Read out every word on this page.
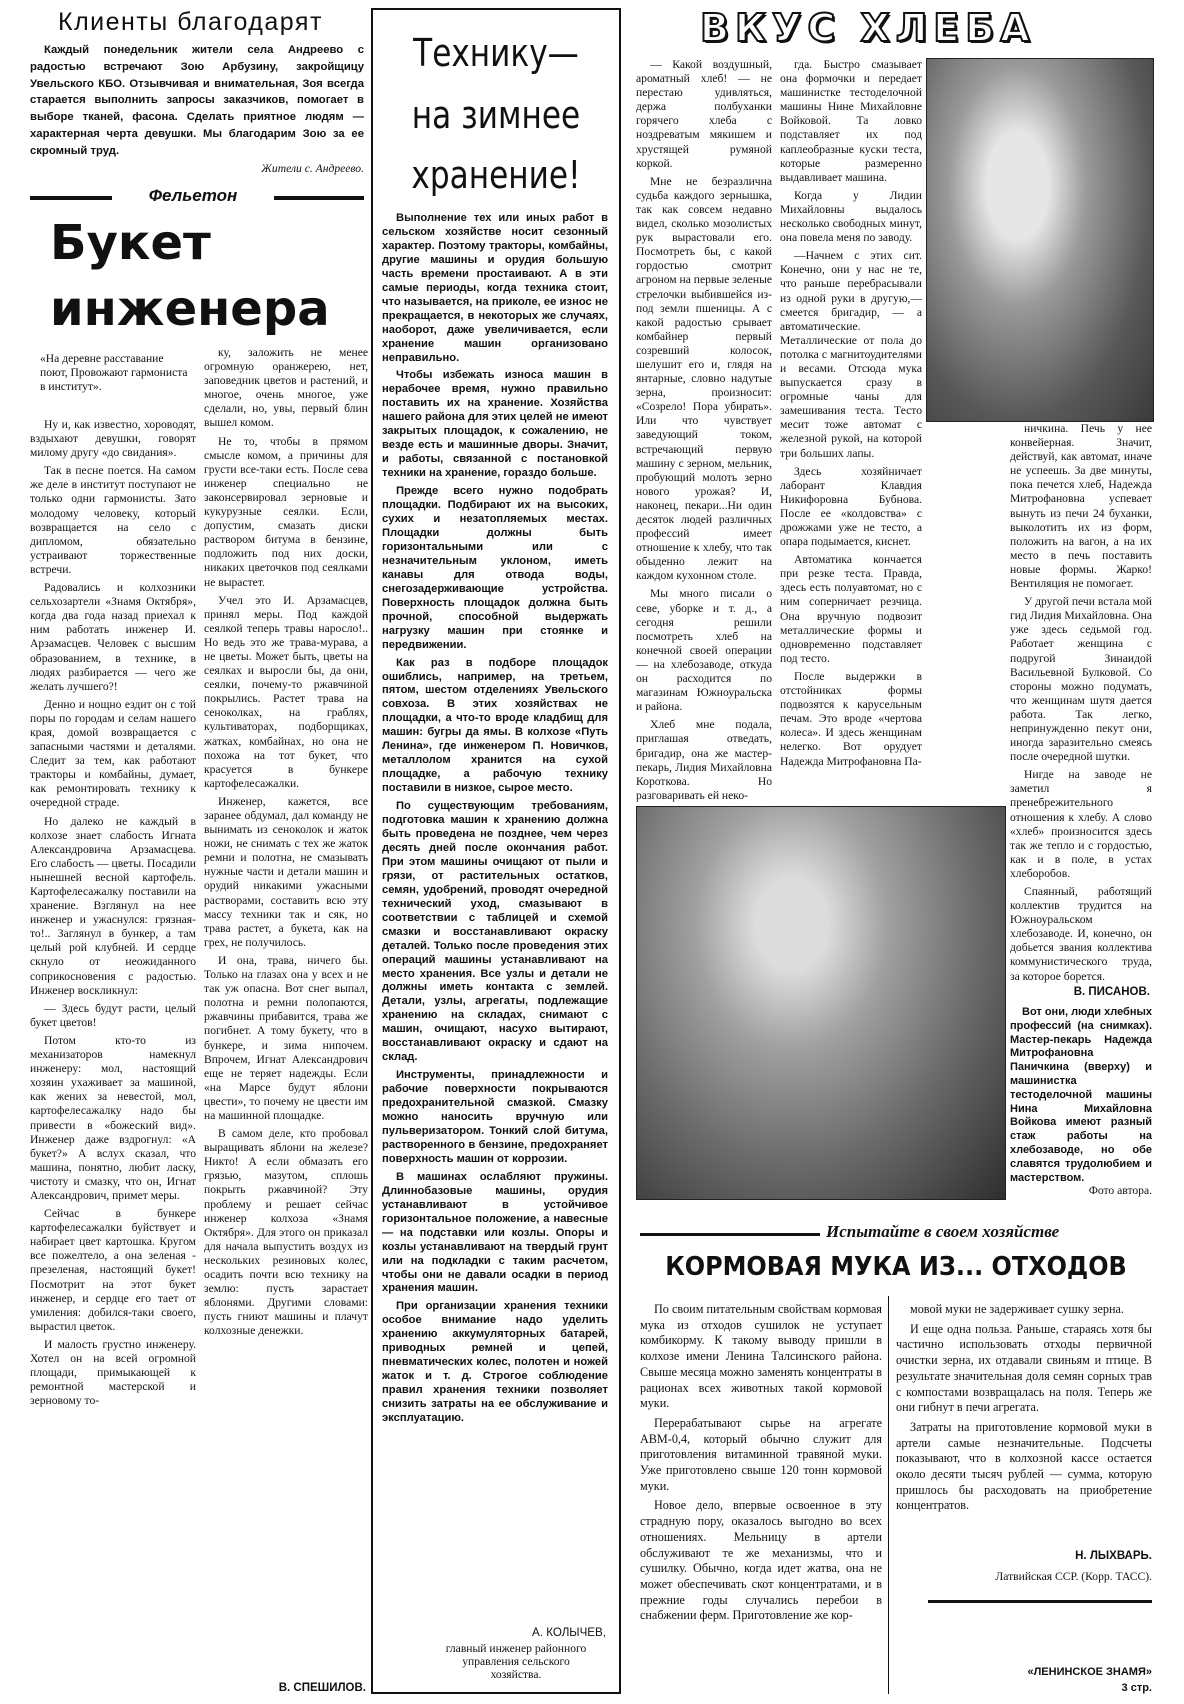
Клиенты благодарят
Каждый понедельник жители села Андреево с радостью встречают Зою Арбузину, закройщицу Увельского КБО. Отзывчивая и внимательная, Зоя всегда старается выполнить запросы заказчиков, помогает в выборе тканей, фасона. Сделать приятное людям — характерная черта девушки. Мы благодарим Зою за ее скромный труд.
Жители с. Андреево.
Фельетон
Букет
инженера
«На деревне расставание поют, Провожают гармониста в институт».

Ну и, как известно, хороводят, вздыхают девушки, говорят милому другу «до свидания».

Так в песне поется. На самом же деле в институт поступают не только одни гармонисты. Зато молодому человеку, который возвращается на село с дипломом, обязательно устраивают торжественные встречи.

Радовались и колхозники сельхозартели «Знамя Октября», когда два года назад приехал к ним работать инженер И. Арзамасцев. Человек с высшим образованием, в технике, в людях разбирается — чего же желать лучшего?!

Денно и нощно ездит он с той поры по городам и селам нашего края, домой возвращается с запасными частями и деталями. Следит за тем, как работают тракторы и комбайны, думает, как ремонтировать технику к очередной страде.

Но далеко не каждый в колхозе знает слабость Игната Александровича Арзамасцева. Его слабость — цветы. Посадили нынешней весной картофель. Картофелесажалку поставили на хранение. Взглянул на нее инженер и ужаснулся: грязная-то!.. Заглянул в бункер, а там целый рой клубней. И сердце скнуло от неожиданного соприкосновения с радостью. Инженер воскликнул:

— Здесь будут расти, целый букет цветов!

Потом кто-то из механизаторов намекнул инженеру: мол, настоящий хозяин ухаживает за машиной, как жених за невестой, мол, картофелесажалку надо бы привести в «божеский вид». Инженер даже вздрогнул: «А букет?» А вслух сказал, что машина, понятно, любит ласку, чистоту и смазку, что он, Игнат Александрович, примет меры.

Сейчас в бункере картофелесажалки буйствует и набирает цвет картошка. Кругом все пожелтело, а она зеленая - презеленая, настоящий букет! Посмотрит на этот букет инженер, и сердце его тает от умиления: добился-таки своего, вырастил цветок.

И малость грустно инженеру. Хотел он на всей огромной площади, примыкающей к ремонтной мастерской и зерновому то-

ку, заложить не менее огромную оранжерею, нет, заповедник цветов и растений, и многое, очень многое, уже сделали, но, увы, первый блин вышел комом.

Не то, чтобы в прямом смысле комом, а причины для грусти все-таки есть. После сева инженер специально не законсервировал зерновые и кукурузные сеялки. Если, допустим, смазать диски раствором битума в бензине, подложить под них доски, никаких цветочков под сеялками не вырастет.

Учел это И. Арзамасцев, принял меры. Под каждой сеялкой теперь травы наросло!.. Но ведь это же трава-мурава, а не цветы. Может быть, цветы на сеялках и выросли бы, да они, сеялки, почему-то ржавчиной покрылись. Растет трава на сеноколках, на граблях, культиваторах, подборщиках, жатках, комбайнах, но она не похожа на тот букет, что красуется в бункере картофелесажалки.

Инженер, кажется, все заранее обдумал, дал команду не вынимать из сеноколок и жаток ножи, не снимать с тех же жаток ремни и полотна, не смазывать нужные части и детали машин и орудий никакими ужасными растворами, составить всю эту массу техники так и сяк, но трава растет, а букета, как на грех, не получилось.

И она, трава, ничего бы. Только на глазах она у всех и не так уж опасна. Вот снег выпал, полотна и ремни полопаются, ржавчины прибавится, трава же погибнет. А тому букету, что в бункере, и зима нипочем. Впрочем, Игнат Александрович еще не теряет надежды. Если «на Марсе будут яблони цвести», то почему не цвести им на машинной площадке.

В самом деле, кто пробовал выращивать яблони на железе? Никто! А если обмазать его грязью, мазутом, сплошь покрыть ржавчиной? Эту проблему и решает сейчас инженер колхоза «Знамя Октября». Для этого он приказал для начала выпустить воздух из нескольких резиновых колес, осадить почти всю технику на землю: пусть зарастает яблонями. Другими словами: пусть гниют машины и плачут колхозные денежки.

В. СПЕШИЛОВ.
Технику—
на зимнее
хранение!

Выполнение тех или иных работ в сельском хозяйстве носит сезонный характер. Поэтому тракторы, комбайны, другие машины и орудия большую часть времени простаивают. А в эти самые периоды, когда техника стоит, что называется, на приколе, ее износ не прекращается, в некоторых же случаях, наоборот, даже увеличивается, если хранение машин организовано неправильно.

Чтобы избежать износа машин в нерабочее время, нужно правильно поставить их на хранение. Хозяйства нашего района для этих целей не имеют закрытых площадок, к сожалению, не везде есть и машинные дворы. Значит, и работы, связанной с постановкой техники на хранение, гораздо больше.

Прежде всего нужно подобрать площадки. Подбирают их на высоких, сухих и незатопляемых местах. Площадки должны быть горизонтальными или с незначительным уклоном, иметь канавы для отвода воды, снегозадерживающие устройства. Поверхность площадок должна быть прочной, способной выдержать нагрузку машин при стоянке и передвижении.

Как раз в подборе площадок ошиблись, например, на третьем, пятом, шестом отделениях Увельского совхоза. В этих хозяйствах не площадки, а что-то вроде кладбищ для машин: бугры да ямы. В колхозе «Путь Ленина», где инженером П. Новичков, металлолом хранится на сухой площадке, а рабочую технику поставили в низкое, сырое место.

По существующим требованиям, подготовка машин к хранению должна быть проведена не позднее, чем через десять дней после окончания работ. При этом машины очищают от пыли и грязи, от растительных остатков, семян, удобрений, проводят очередной технический уход, смазывают в соответствии с таблицей и схемой смазки и восстанавливают окраску деталей. Только после проведения этих операций машины устанавливают на место хранения. Все узлы и детали не должны иметь контакта с землей. Детали, узлы, агрегаты, подлежащие хранению на складах, снимают с машин, очищают, насухо вытирают, восстанавливают окраску и сдают на склад.

Инструменты, принадлежности и рабочие поверхности покрываются предохранительной смазкой. Смазку можно наносить вручную или пульверизатором. Тонкий слой битума, растворенного в бензине, предохраняет поверхность машин от коррозии.

В машинах ослабляют пружины. Длиннобазовые машины, орудия устанавливают в устойчивое горизонтальное положение, а навесные — на подставки или козлы. Опоры и козлы устанавливают на твердый грунт или на подкладки с таким расчетом, чтобы они не давали осадки в период хранения машин.

При организации хранения техники особое внимание надо уделить хранению аккумуляторных батарей, приводных ремней и цепей, пневматических колес, полотен и ножей жаток и т. д. Строгое соблюдение правил хранения техники позволяет снизить затраты на ее обслуживание и эксплуатацию.

А. КОЛЫЧЕВ,
главный инженер районного управления сельского хозяйства.
ВКУС ХЛЕБА

— Какой воздушный, ароматный хлеб! — не перестаю удивляться, держа полбуханки горячего хлеба с ноздреватым мякишем и хрустящей румяной коркой.

Мне не безразлична судьба каждого зернышка, так как совсем недавно видел, сколько мозолистых рук вырастовали его. Посмотреть бы, с какой гордостью смотрит агроном на первые зеленые стрелочки выбившейся из-под земли пшеницы. А с какой радостью срывает комбайнер первый созревший колосок, шелушит его и, глядя на янтарные, словно надутые зерна, произносит: «Созрело! Пора убирать». Или что чувствует заведующий током, встречающий первую машину с зерном, мельник, пробующий молоть зерно нового урожая? И, наконец, пекари...Ни один десяток людей различных профессий имеет отношение к хлебу, что так обыденно лежит на каждом кухонном столе.

Мы много писали о севе, уборке и т. д., а сегодня решили посмотреть хлеб на конечной своей операции — на хлебозаводе, откуда он расходится по магазинам Южноуральска и района.

Хлеб мне подала, приглашая отведать, бригадир, она же мастер-пекарь, Лидия Михайловна Короткова. Но разговаривать ей неко-

гда. Быстро смазывает она формочки и передает машинистке тестоделочной машины Нине Михайловне Войковой. Та ловко подставляет их под каплеобразные куски теста, которые размеренно выдавливает машина.

Когда у Лидии Михайловны выдалось несколько свободных минут, она повела меня по заводу.

—Начнем с этих сит. Конечно, они у нас не те, что раньше перебрасывали из одной руки в другую,—смеется бригадир, — а автоматические. Металлические от пола до потолка с магнитоудителями и весами. Отсюда мука выпускается сразу в огромные чаны для замешивания теста. Тесто месит тоже автомат с железной рукой, на которой три больших лапы.

Здесь хозяйничает лаборант Клавдия Никифоровна Бубнова. После ее «колдовства» с дрожжами уже не тесто, а опара подымается, киснет.

Автоматика кончается при резке теста. Правда, здесь есть полуавтомат, но с ним соперничает резчица. Она вручную подвозит металлические формы и одновременно подставляет под тесто.

После выдержки в отстойниках формы подвозятся к карусельным печам. Это вроде «чертова колеса». И здесь женщинам нелегко. Вот орудует Надежда Митрофановна Па-

ничкина. Печь у нее конвейерная. Значит, действуй, как автомат, иначе не успеешь. За две минуты, пока печется хлеб, Надежда Митрофановна успевает вынуть из печи 24 буханки, выколотить их из форм, положить на вагон, а на их место в печь поставить новые формы. Жарко! Вентиляция не помогает.

У другой печи встала мой гид Лидия Михайловна. Она уже здесь седьмой год. Работает женщина с подругой Зинаидой Васильевной Булковой. Со стороны можно подумать, что женщинам шутя дается работа. Так легко, непринужденно пекут они, иногда заразительно смеясь после очередной шутки.

Нигде на заводе не заметил я пренебрежительного отношения к хлебу. А слово «хлеб» произносится здесь так же тепло и с гордостью, как и в поле, в устах хлеборобов.

Спаянный, работящий коллектив трудится на Южноуральском хлебозаводе. И, конечно, он добьется звания коллектива коммунистического труда, за которое борется.

В. ПИСАНОВ.
Вот они, люди хлебных профессий (на снимках). Мастер-пекарь Надежда Митрофановна Паничкина (вверху) и машинистка тестоделочной машины Нина Михайловна Войкова имеют разный стаж работы на хлебозаводе, но обе славятся трудолюбием и мастерством.
Фото автора.
Испытайте в своем хозяйстве
КОРМОВАЯ МУКА ИЗ... ОТХОДОВ

По своим питательным свойствам кормовая мука из отходов сушилок не уступает комбикорму. К такому выводу пришли в колхозе имени Ленина Талсинского района. Свыше месяца можно заменять концентраты в рационах всех животных такой кормовой муки.

Перерабатывают сырье на агрегате АВМ-0,4, который обычно служит для приготовления витаминной травяной муки. Уже приготовлено свыше 120 тонн кормовой муки.

Новое дело, впервые освоенное в эту страдную пору, оказалось выгодно во всех отношениях. Мельницу в артели обслуживают те же механизмы, что и сушилку. Обычно, когда идет жатва, она не может обеспечивать скот концентратами, и в прежние годы случались перебои в снабжении ферм. Приготовление же кор-

мовой муки не задерживает сушку зерна.

И еще одна польза. Раньше, стараясь хотя бы частично использовать отходы первичной очистки зерна, их отдавали свиньям и птице. В результате значительная доля семян сорных трав с компостами возвращалась на поля. Теперь же они гибнут в печи агрегата.

Затраты на приготовление кормовой муки в артели самые незначительные. Подсчеты показывают, что в колхозной кассе остается около десяти тысяч рублей — сумма, которую пришлось бы расходовать на приобретение концентратов.

Н. ЛЫХВАРЬ.
Латвийская ССР. (Корр. ТАСС).
«ЛЕНИНСКОЕ ЗНАМЯ»
3 стр.
